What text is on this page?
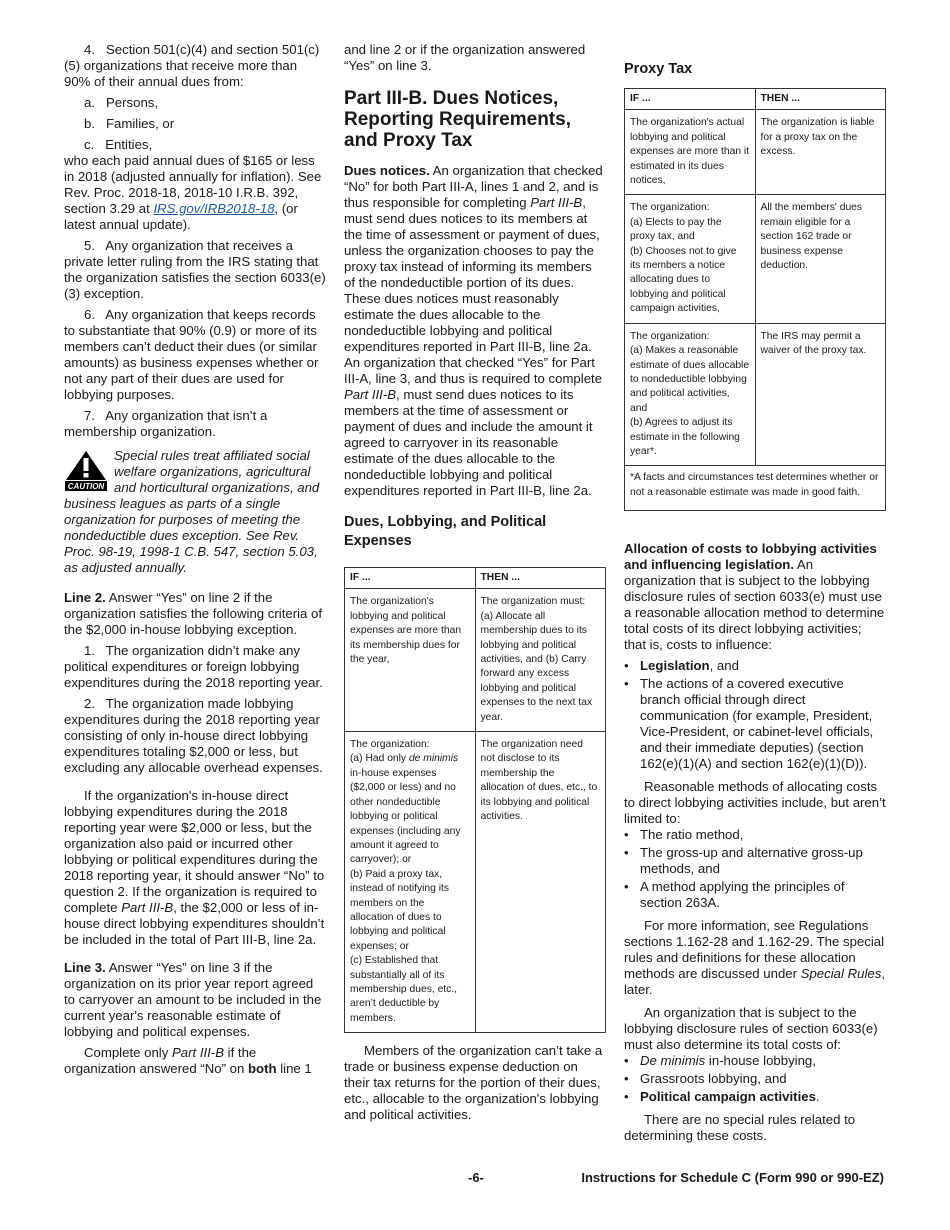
4.   Section 501(c)(4) and section 501(c)(5) organizations that receive more than 90% of their annual dues from:

a.   Persons,

b.   Families, or

c.   Entities,

who each paid annual dues of $165 or less in 2018 (adjusted annually for inflation). See Rev. Proc. 2018-18, 2018-10 I.R.B. 392, section 3.29 at IRS.gov/IRB2018-18, (or latest annual update).

5.   Any organization that receives a private letter ruling from the IRS stating that the organization satisfies the section 6033(e)(3) exception.

6.   Any organization that keeps records to substantiate that 90% (0.9) or more of its members can’t deduct their dues (or similar amounts) as business expenses whether or not any part of their dues are used for lobbying purposes.

7.   Any organization that isn’t a membership organization.

CAUTION
Special rules treat affiliated social welfare organizations, agricultural and horticultural organizations, and business leagues as parts of a single organization for purposes of meeting the nondeductible dues exception. See Rev. Proc. 98-19, 1998-1 C.B. 547, section 5.03, as adjusted annually.

Line 2. Answer “Yes” on line 2 if the organization satisfies the following criteria of the $2,000 in-house lobbying exception.

1.   The organization didn’t make any political expenditures or foreign lobbying expenditures during the 2018 reporting year.

2.   The organization made lobbying expenditures during the 2018 reporting year consisting of only in-house direct lobbying expenditures totaling $2,000 or less, but excluding any allocable overhead expenses.

If the organization's in-house direct lobbying expenditures during the 2018 reporting year were $2,000 or less, but the organization also paid or incurred other lobbying or political expenditures during the 2018 reporting year, it should answer “No” to question 2. If the organization is required to complete Part III-B, the $2,000 or less of in-house direct lobbying expenditures shouldn’t be included in the total of Part III-B, line 2a.

Line 3. Answer “Yes” on line 3 if the organization on its prior year report agreed to carryover an amount to be included in the current year's reasonable estimate of lobbying and political expenses.

Complete only Part III-B if the organization answered “No” on both line 1

and line 2 or if the organization answered “Yes” on line 3.

Part III-B. Dues Notices, Reporting Requirements, and Proxy Tax

Dues notices. An organization that checked “No” for both Part III-A, lines 1 and 2, and is thus responsible for completing Part III-B, must send dues notices to its members at the time of assessment or payment of dues, unless the organization chooses to pay the proxy tax instead of informing its members of the nondeductible portion of its dues. These dues notices must reasonably estimate the dues allocable to the nondeductible lobbying and political expenditures reported in Part III-B, line 2a. An organization that checked “Yes” for Part III-A, line 3, and thus is required to complete Part III-B, must send dues notices to its members at the time of assessment or payment of dues and include the amount it agreed to carryover in its reasonable estimate of the dues allocable to the nondeductible lobbying and political expenditures reported in Part III-B, line 2a.

Dues, Lobbying, and Political Expenses
IF ...	THEN ...
The organization's lobbying and political expenses are more than its membership dues for the year,	The organization must: (a) Allocate all membership dues to its lobbying and political activities, and (b) Carry forward any excess lobbying and political expenses to the next tax year.

The organization:
(a) Had only de minimis in-house expenses ($2,000 or less) and no other nondeductible lobbying or political expenses (including any amount it agreed to carryover); or
(b) Paid a proxy tax, instead of notifying its members on the allocation of dues to lobbying and political expenses; or
(c) Established that substantially all of its membership dues, etc., aren’t deductible by members.	The organization need not disclose to its membership the allocation of dues, etc., to its lobbying and political activities.

Members of the organization can’t take a trade or business expense deduction on their tax returns for the portion of their dues, etc., allocable to the organization's lobbying and political activities.

Proxy Tax
IF ...	THEN ...
The organization's actual lobbying and political expenses are more than it estimated in its dues notices,	The organization is liable for a proxy tax on the excess.

The organization:
(a) Elects to pay the proxy tax, and
(b) Chooses not to give its members a notice allocating dues to lobbying and political campaign activities,	All the members' dues remain eligible for a section 162 trade or business expense deduction.

The organization:
(a) Makes a reasonable estimate of dues allocable to nondeductible lobbying and political activities, and
(b) Agrees to adjust its estimate in the following year*.	The IRS may permit a waiver of the proxy tax.
*A facts and circumstances test determines whether or not a reasonable estimate was made in good faith.	

Allocation of costs to lobbying activities and influencing legislation. An organization that is subject to the lobbying disclosure rules of section 6033(e) must use a reasonable allocation method to determine total costs of its direct lobbying activities; that is, costs to influence:

• Legislation, and
• The actions of a covered executive branch official through direct communication (for example, President, Vice-President, or cabinet-level officials, and their immediate deputies) (section 162(e)(1)(A) and section 162(e)(1)(D)).

Reasonable methods of allocating costs to direct lobbying activities include, but aren’t limited to:

• The ratio method,
• The gross-up and alternative gross-up methods, and
• A method applying the principles of section 263A.

For more information, see Regulations sections 1.162-28 and 1.162-29. The special rules and definitions for these allocation methods are discussed under Special Rules, later.

An organization that is subject to the lobbying disclosure rules of section 6033(e) must also determine its total costs of:

• De minimis in-house lobbying,
• Grassroots lobbying, and
• Political campaign activities.

There are no special rules related to determining these costs.

-6-	Instructions for Schedule C (Form 990 or 990-EZ)
